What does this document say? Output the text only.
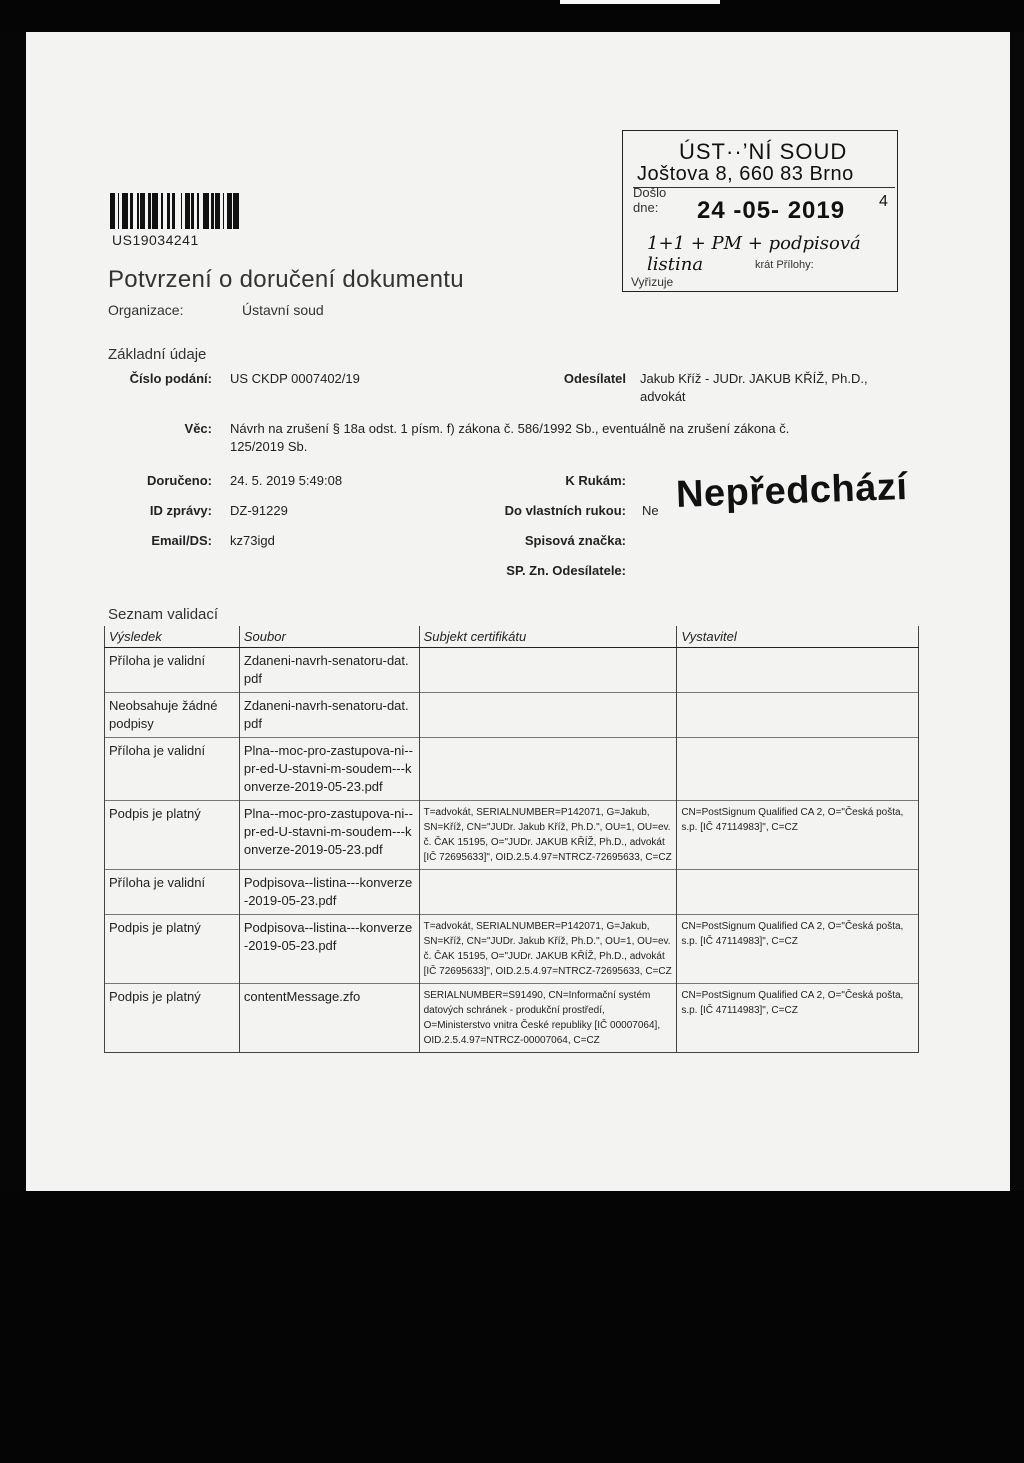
US19034241
Potvrzení o doručení dokumentu
Organizace:	Ústavní soud
ÚST··’NÍ SOUD
Joštova 8, 660 83 Brno
Došlo
dne:	24 -05- 2019 4
1+1 + PM + podpisová listina	krát Přílohy:
Vyřizuje
Základní údaje
Číslo podání: US CKDP 0007402/19	Odesílatel Jakub Kříž - JUDr. JAKUB KŘÍŽ, Ph.D.,
advokát
Věc: Návrh na zrušení § 18a odst. 1 písm. f) zákona č. 586/1992 Sb., eventuálně na zrušení zákona č.
125/2019 Sb.
Doručeno: 24. 5. 2019 5:49:08	K Rukám:
ID zprávy: DZ-91229	Do vlastních rukou: Ne
Email/DS: kz73igd	Spisová značka:
SP. Zn. Odesílatele:
Nepředchází
Seznam validací
Výsledek	Soubor	Subjekt certifikátu	Vystavitel
Příloha je validní	Zdaneni-navrh-senatoru-dat.pdf		
Neobsahuje žádné podpisy	Zdaneni-navrh-senatoru-dat.pdf		
Příloha je validní	Plna--moc-pro-zastupova-ni--pr-ed-U-stavni-m-soudem---konverze-2019-05-23.pdf		
Podpis je platný	Plna--moc-pro-zastupova-ni--pr-ed-U-stavni-m-soudem---konverze-2019-05-23.pdf	T=advokát, SERIALNUMBER=P142071, G=Jakub, SN=Kříž, CN="JUDr. Jakub Kříž, Ph.D.", OU=1, OU=ev. č. ČAK 15195, O="JUDr. JAKUB KŘÍŽ, Ph.D., advokát [IČ 72695633]", OID.2.5.4.97=NTRCZ-72695633, C=CZ	CN=PostSignum Qualified CA 2, O="Česká pošta, s.p. [IČ 47114983]", C=CZ
Příloha je validní	Podpisova--listina---konverze-2019-05-23.pdf		
Podpis je platný	Podpisova--listina---konverze-2019-05-23.pdf	T=advokát, SERIALNUMBER=P142071, G=Jakub, SN=Kříž, CN="JUDr. Jakub Kříž, Ph.D.", OU=1, OU=ev. č. ČAK 15195, O="JUDr. JAKUB KŘÍŽ, Ph.D., advokát [IČ 72695633]", OID.2.5.4.97=NTRCZ-72695633, C=CZ	CN=PostSignum Qualified CA 2, O="Česká pošta, s.p. [IČ 47114983]", C=CZ
Podpis je platný	contentMessage.zfo	SERIALNUMBER=S91490, CN=Informační systém datových schránek - produkční prostředí, O=Ministerstvo vnitra České republiky [IČ 00007064], OID.2.5.4.97=NTRCZ-00007064, C=CZ	CN=PostSignum Qualified CA 2, O="Česká pošta, s.p. [IČ 47114983]", C=CZ
